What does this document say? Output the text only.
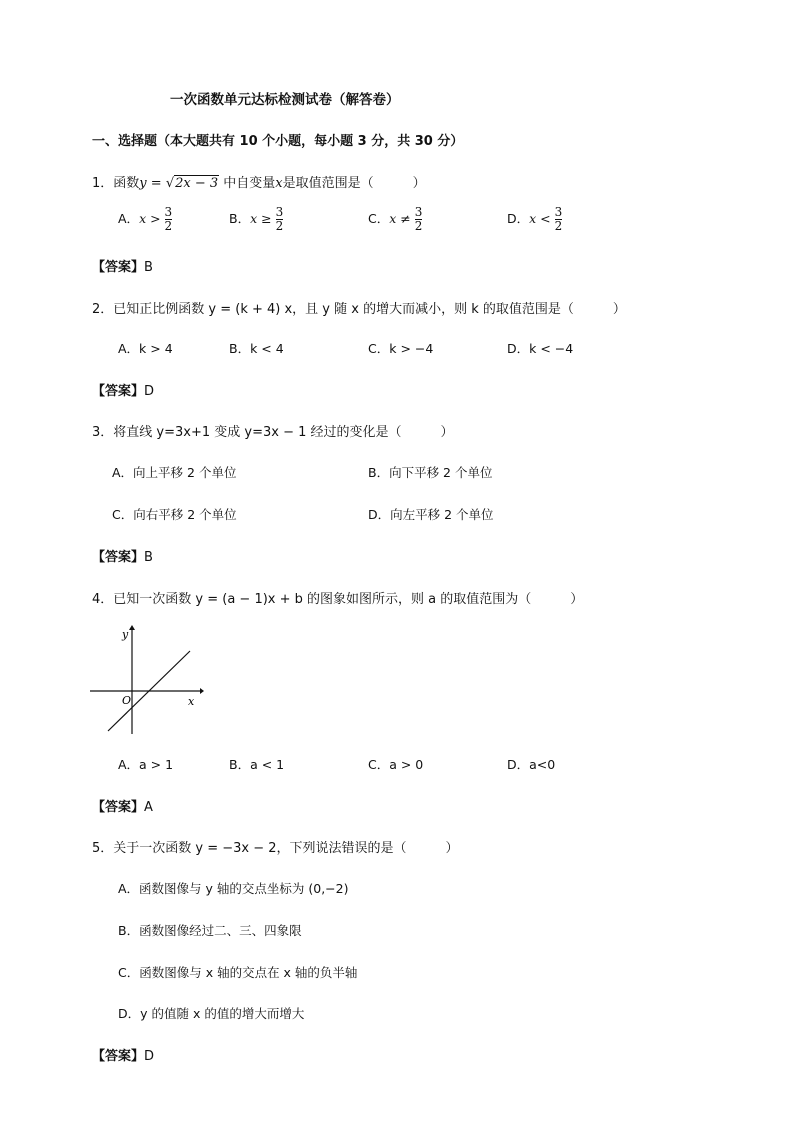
一次函数单元达标检测试卷（解答卷）
一、选择题（本大题共有 10 个小题，每小题 3 分，共 30 分）
1．函数y = √2x − 3 中自变量x是取值范围是（　　　）
A．$x > \frac{3}{2}$	B．$x \ge \frac{3}{2}$	C．$x \ne \frac{3}{2}$	D．$x < \frac{3}{2}$
【答案】B
2．已知正比例函数 y = (k + 4) x，且 y 随 x 的增大而减小，则 k 的取值范围是（　　　）
A．k > 4	B．k < 4	C．k > −4	D．k < −4
【答案】D
3．将直线 y=3x+1 变成 y=3x − 1 经过的变化是（　　　）
A．向上平移 2 个单位	B．向下平移 2 个单位
C．向右平移 2 个单位	D．向左平移 2 个单位
【答案】B
4．已知一次函数 y = (a − 1)x + b 的图象如图所示，则 a 的取值范围为（　　　）
y
x
O
A．a > 1	B．a < 1	C．a > 0	D．a<0
【答案】A
5．关于一次函数 y = −3x − 2，下列说法错误的是（　　　）
A．函数图像与 y 轴的交点坐标为 (0,−2)
B．函数图像经过二、三、四象限
C．函数图像与 x 轴的交点在 x 轴的负半轴
D．y 的值随 x 的值的增大而增大
【答案】D
